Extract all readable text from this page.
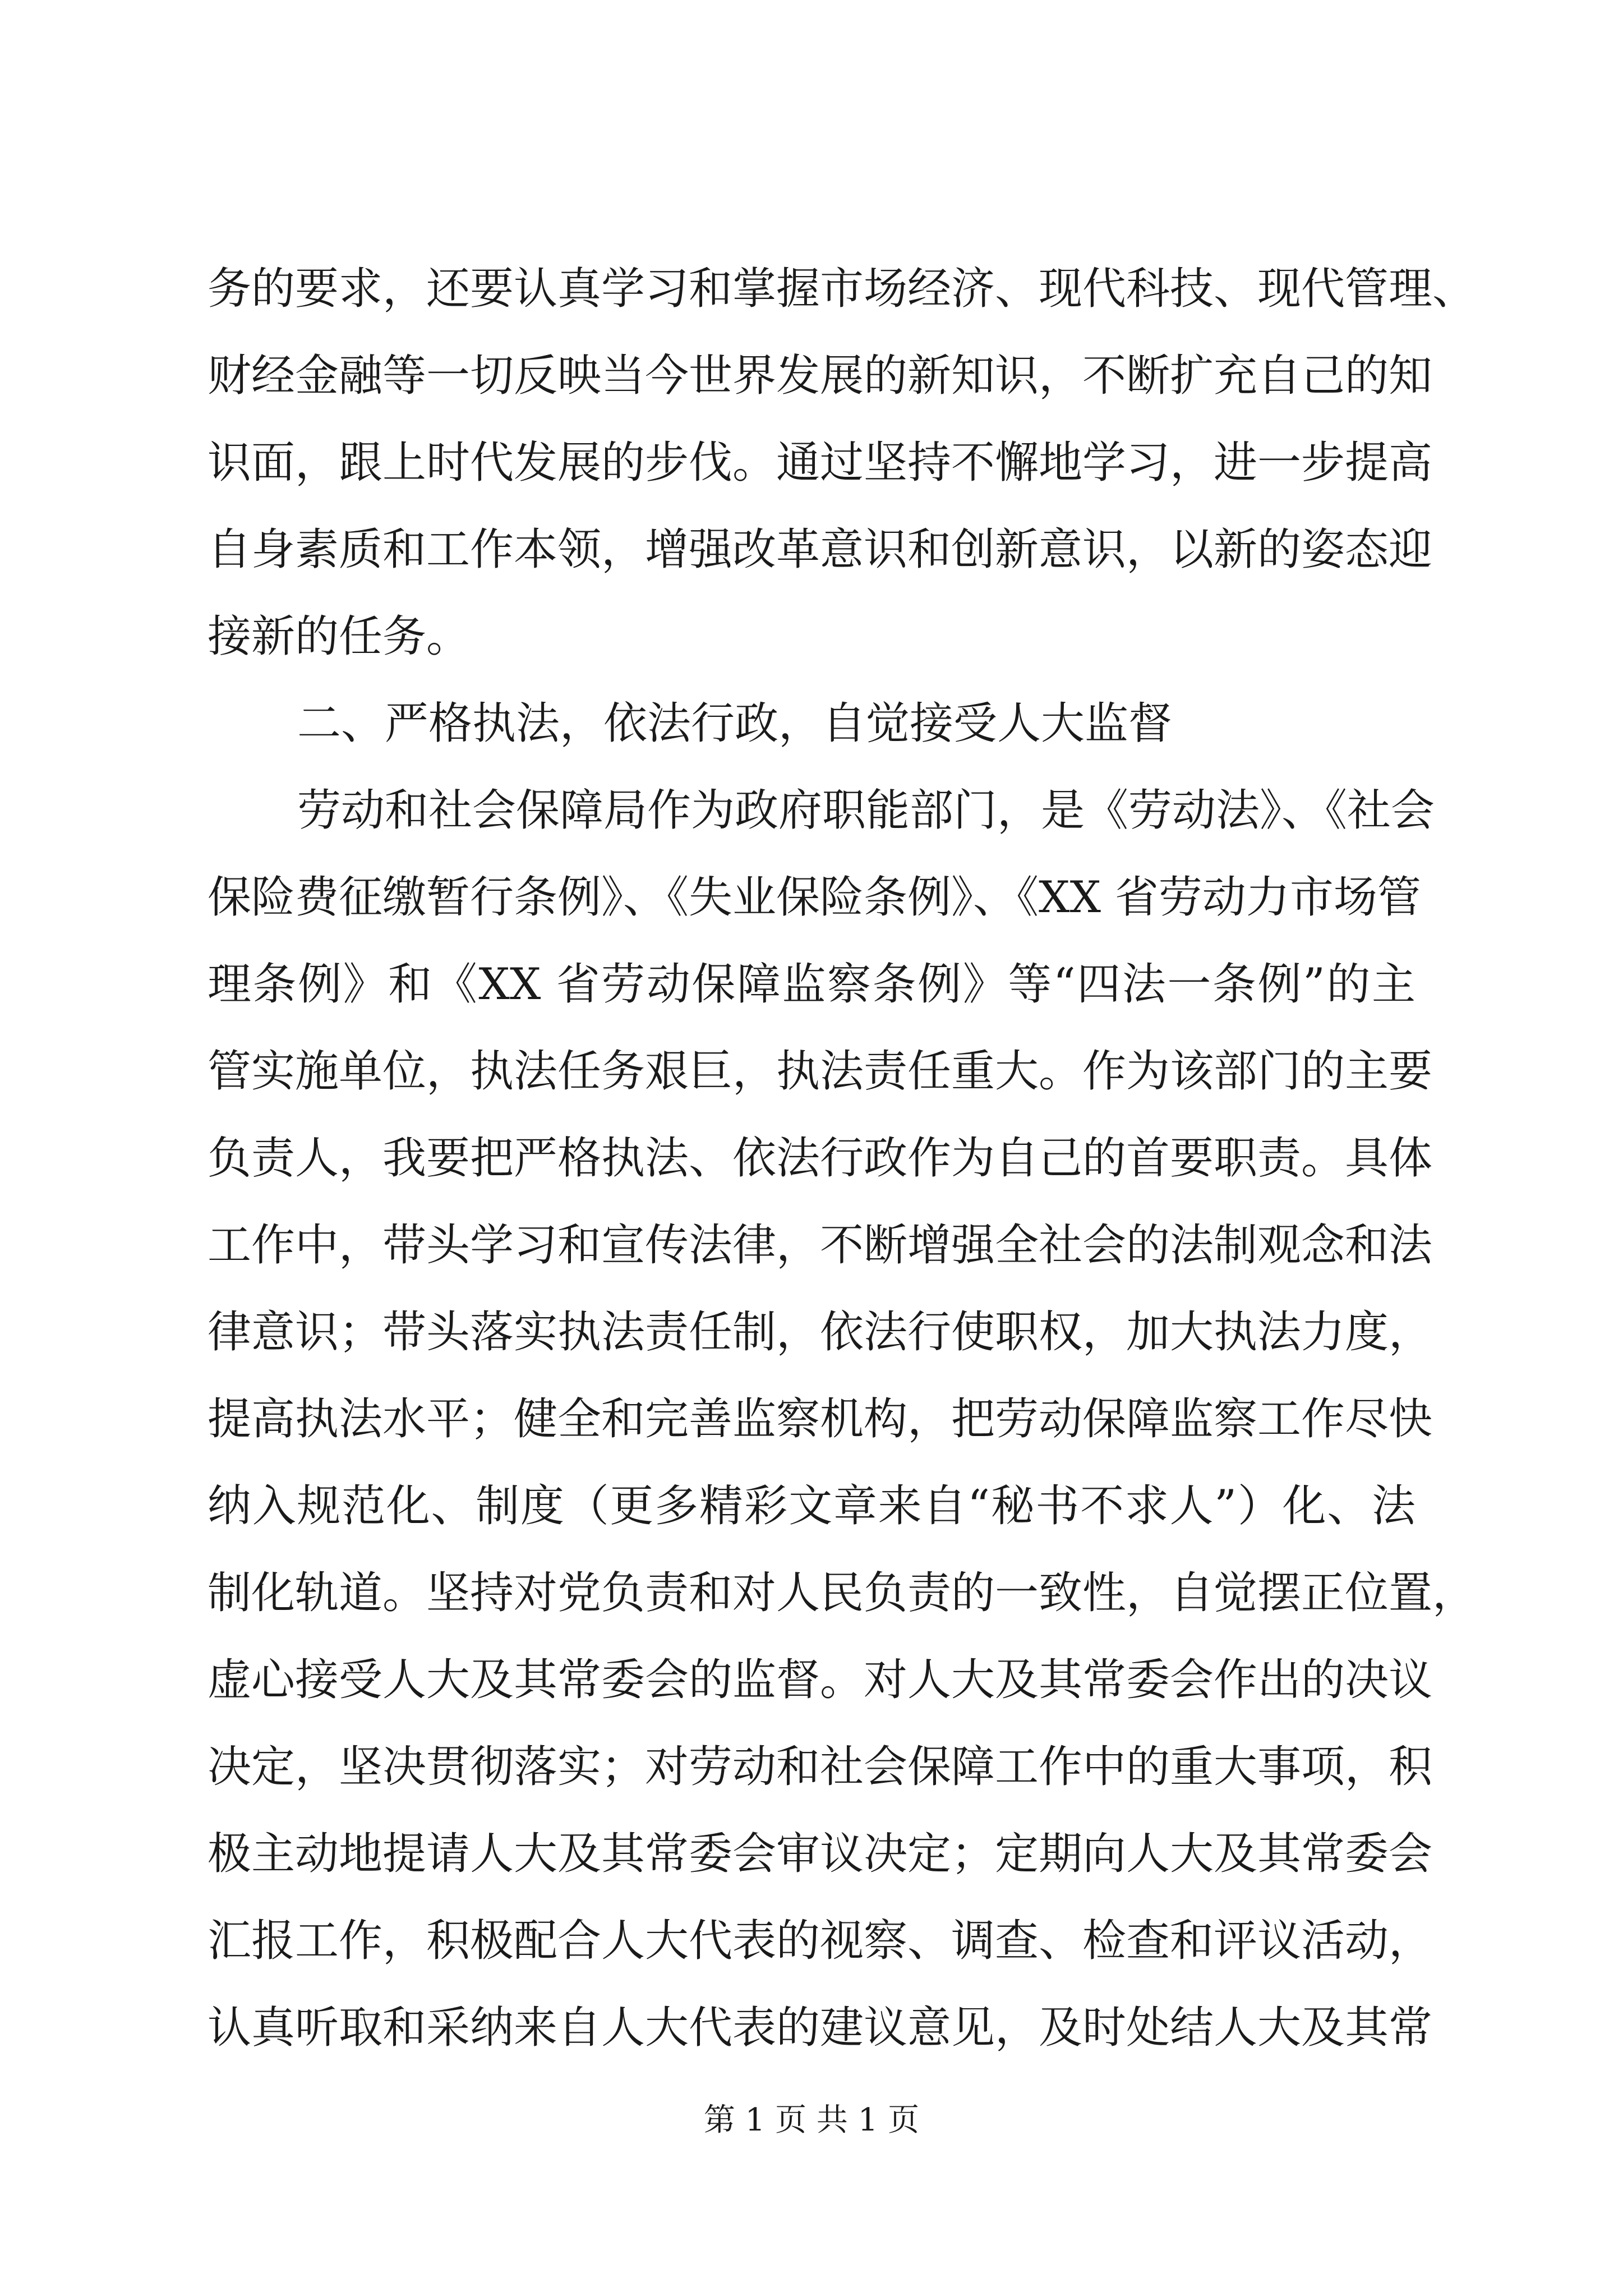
务的要求，还要认真学习和掌握市场经济、现代科技、现代管理、
财经金融等一切反映当今世界发展的新知识，不断扩充自己的知
识面，跟上时代发展的步伐。通过坚持不懈地学习，进一步提高
自身素质和工作本领，增强改革意识和创新意识，以新的姿态迎
接新的任务。
二、严格执法，依法行政，自觉接受人大监督
劳动和社会保障局作为政府职能部门，是《劳动法》、《社会
保险费征缴暂行条例》、《失业保险条例》、《XX 省劳动力市场管
理条例》和《XX 省劳动保障监察条例》等“四法一条例”的主
管实施单位，执法任务艰巨，执法责任重大。作为该部门的主要
负责人，我要把严格执法、依法行政作为自己的首要职责。具体
工作中，带头学习和宣传法律，不断增强全社会的法制观念和法
律意识；带头落实执法责任制，依法行使职权，加大执法力度，
提高执法水平；健全和完善监察机构，把劳动保障监察工作尽快
纳入规范化、制度（更多精彩文章来自“秘书不求人”）化、法
制化轨道。坚持对党负责和对人民负责的一致性，自觉摆正位置，
虚心接受人大及其常委会的监督。对人大及其常委会作出的决议
决定，坚决贯彻落实；对劳动和社会保障工作中的重大事项，积
极主动地提请人大及其常委会审议决定；定期向人大及其常委会
汇报工作，积极配合人大代表的视察、调查、检查和评议活动，
认真听取和采纳来自人大代表的建议意见，及时处结人大及其常
第 1 页 共 1 页
